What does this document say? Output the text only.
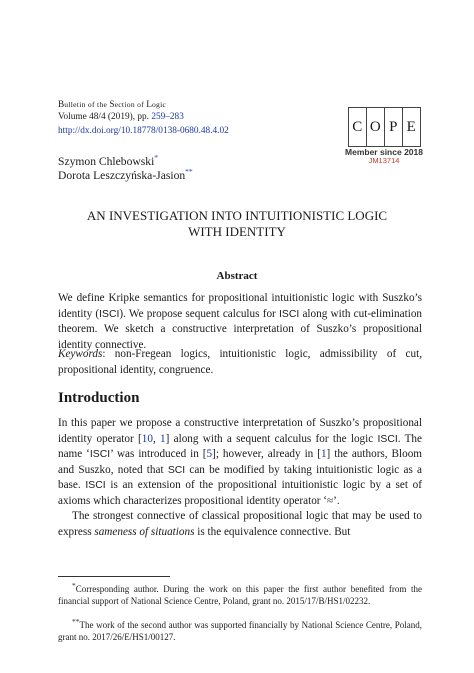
Bulletin of the Section of Logic
Volume 48/4 (2019), pp. 259–283
http://dx.doi.org/10.18778/0138-0680.48.4.02	C O P E
Member since 2018
JM13714
Szymon Chlebowski*
Dorota Leszczyńska-Jasion**
AN INVESTIGATION INTO INTUITIONISTIC LOGIC
WITH IDENTITY
Abstract

We define Kripke semantics for propositional intuitionistic logic with Suszko’s identity (ISCI). We propose sequent calculus for ISCI along with cut-elimination theorem. We sketch a constructive interpretation of Suszko’s propositional identity connective.

Keywords: non-Fregean logics, intuitionistic logic, admissibility of cut, propositional identity, congruence.

Introduction

In this paper we propose a constructive interpretation of Suszko’s propositional identity operator [10, 1] along with a sequent calculus for the logic ISCI. The name ‘ISCI’ was introduced in [5]; however, already in [1] the authors, Bloom and Suszko, noted that SCI can be modified by taking intuitionistic logic as a base. ISCI is an extension of the propositional intuitionistic logic by a set of axioms which characterizes propositional identity operator ‘≈’.

The strongest connective of classical propositional logic that may be used to express sameness of situations is the equivalence connective. But

*Corresponding author. During the work on this paper the first author benefited from the financial support of National Science Centre, Poland, grant no. 2015/17/B/HS1/02232.

**The work of the second author was supported financially by National Science Centre, Poland, grant no. 2017/26/E/HS1/00127.
